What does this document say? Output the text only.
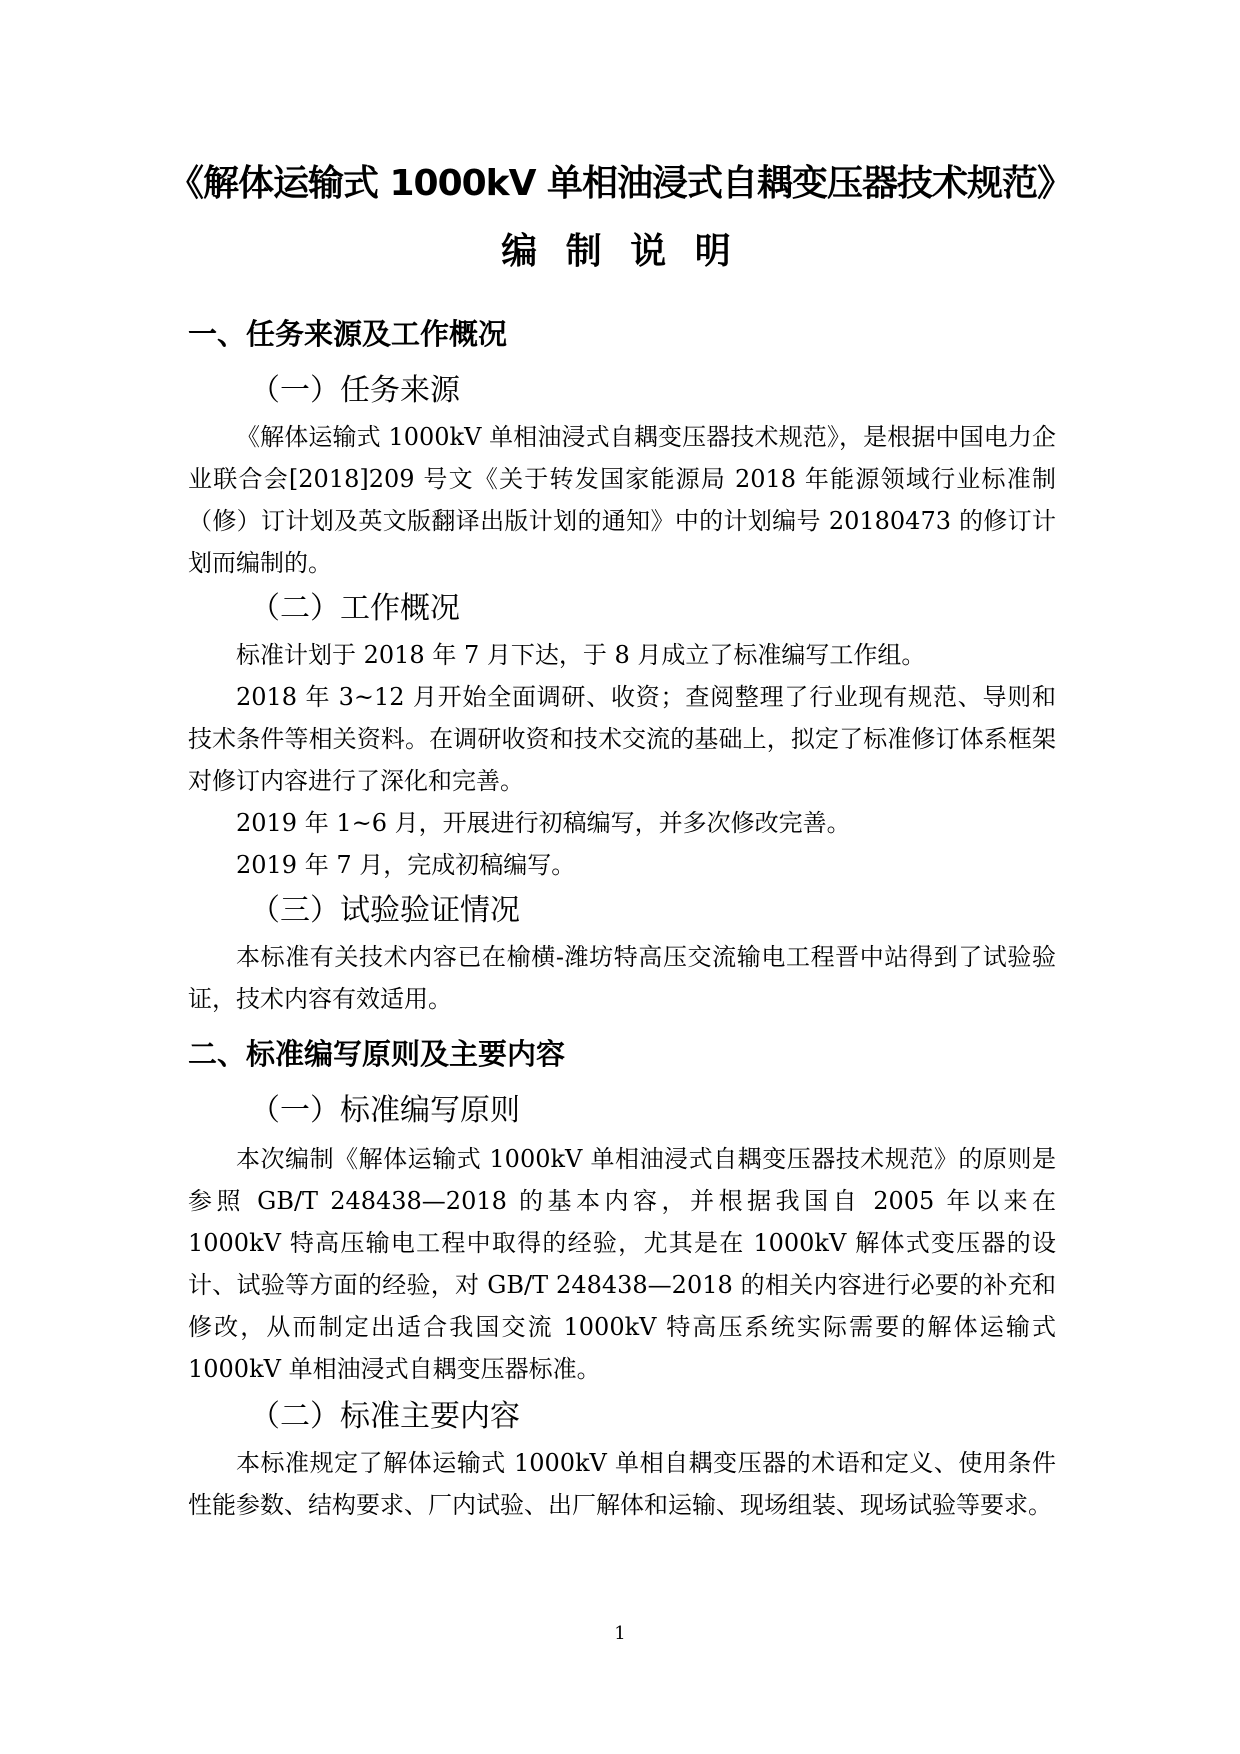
《解体运输式 1000kV 单相油浸式自耦变压器技术规范》
编 制 说 明
一、任务来源及工作概况
（一）任务来源

《解体运输式 1000kV 单相油浸式自耦变压器技术规范》，是根据中国电力企业联合会[2018]209 号文《关于转发国家能源局 2018 年能源领域行业标准制（修）订计划及英文版翻译出版计划的通知》中的计划编号 20180473 的修订计划而编制的。

（二）工作概况

标准计划于 2018 年 7 月下达，于 8 月成立了标准编写工作组。

2018 年 3~12 月开始全面调研、收资；查阅整理了行业现有规范、导则和技术条件等相关资料。在调研收资和技术交流的基础上，拟定了标准修订体系框架对修订内容进行了深化和完善。

2019 年 1~6 月，开展进行初稿编写，并多次修改完善。

2019 年 7 月，完成初稿编写。

（三）试验验证情况

本标准有关技术内容已在榆横-潍坊特高压交流输电工程晋中站得到了试验验证，技术内容有效适用。

二、标准编写原则及主要内容
（一）标准编写原则

本次编制《解体运输式 1000kV 单相油浸式自耦变压器技术规范》的原则是参照 GB/T 248438—2018 的基本内容，并根据我国自 2005 年以来在 1000kV 特高压输电工程中取得的经验，尤其是在 1000kV 解体式变压器的设计、试验等方面的经验，对 GB/T 248438—2018 的相关内容进行必要的补充和修改，从而制定出适合我国交流 1000kV 特高压系统实际需要的解体运输式 1000kV 单相油浸式自耦变压器标准。

（二）标准主要内容

本标准规定了解体运输式 1000kV 单相自耦变压器的术语和定义、使用条件性能参数、结构要求、厂内试验、出厂解体和运输、现场组装、现场试验等要求。

1
